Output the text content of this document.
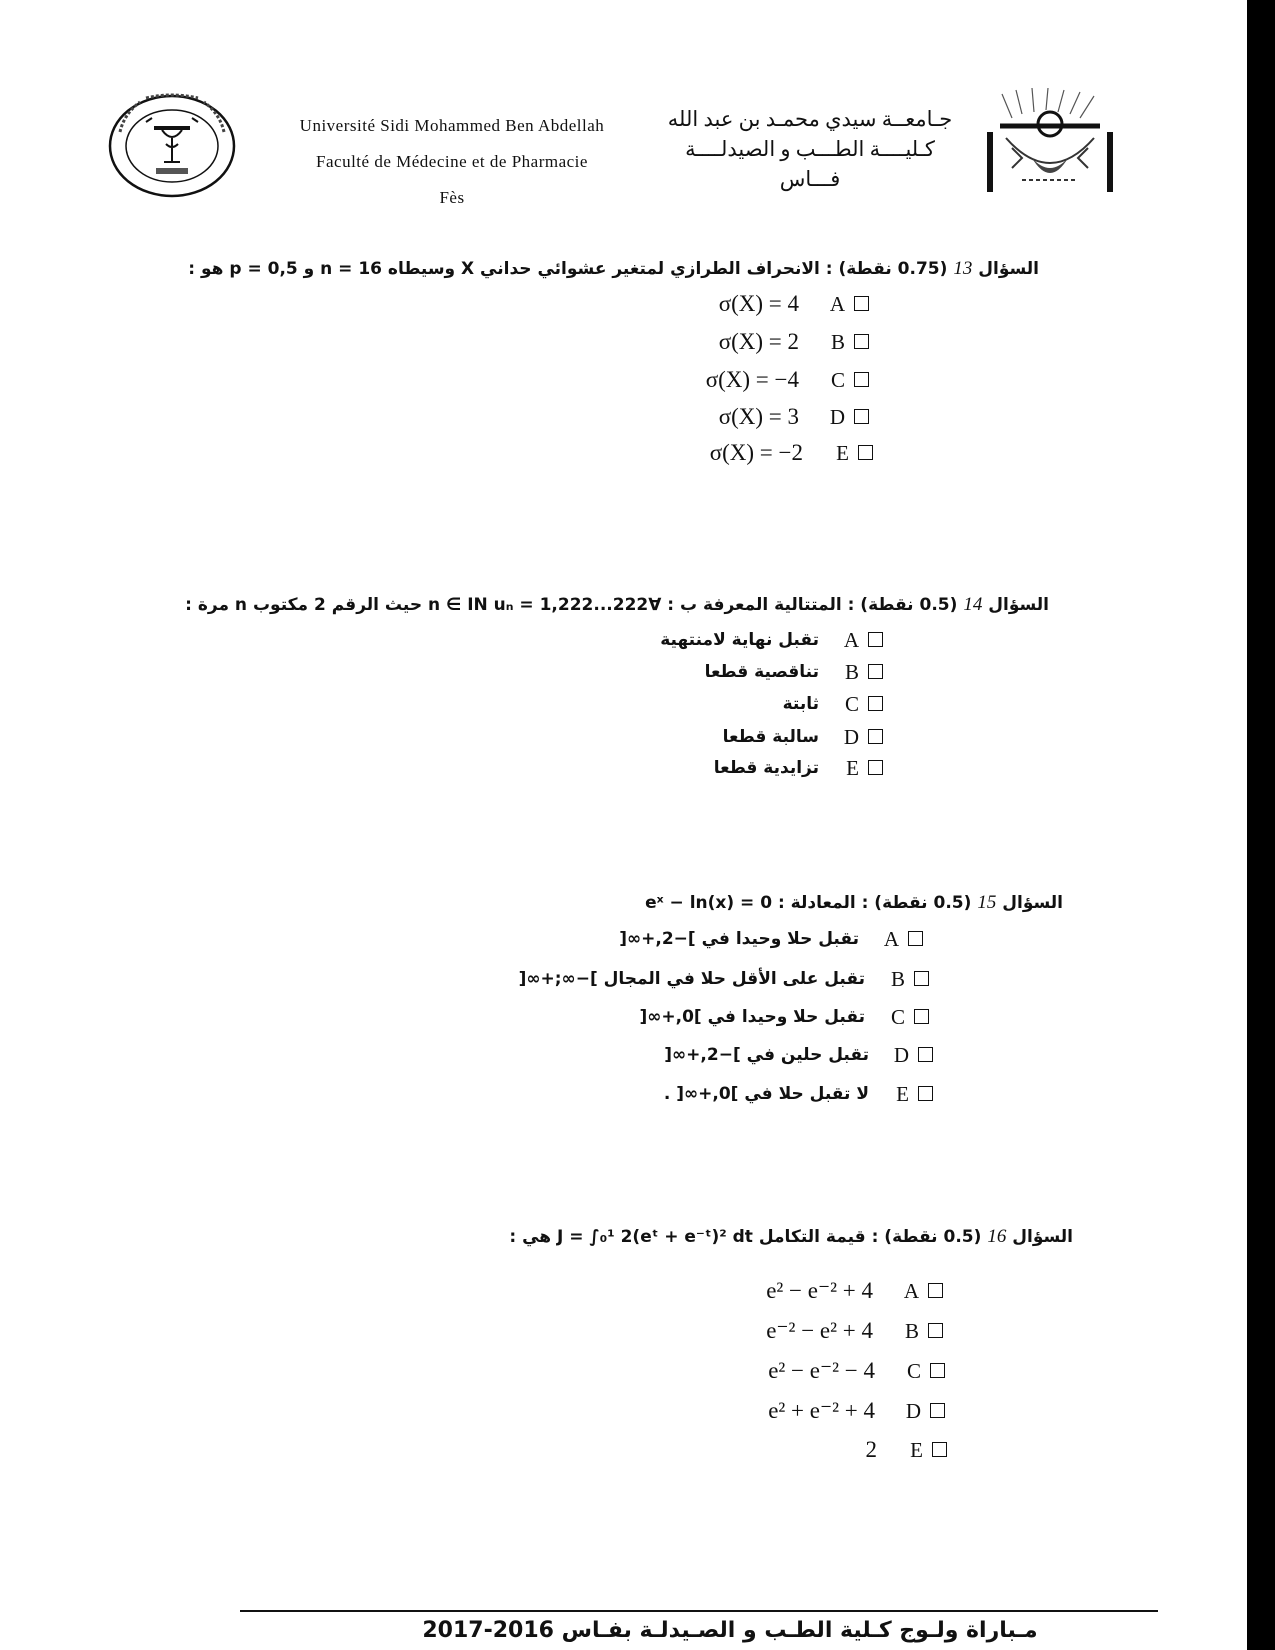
Université Sidi Mohammed Ben Abdellah
Faculté de Médecine et de Pharmacie
Fès
جـامعــة سيدي محمـد بن عبد الله
كـليــــة الطـــب و الصيدلــــة
فـــاس
السؤال 13 (0.75 نقطة) : الانحراف الطرازي لمتغير عشوائي حداني X وسيطاه n = 16 و p = 0,5 هو :
σ(X) = 4 A
σ(X) = 2 B
σ(X) = −4 C
σ(X) = 3 D
σ(X) = −2 E
السؤال 14 (0.5 نقطة) : المتتالية المعرفة ب : ∀n ∈ IN uₙ = 1,222...222 حيث الرقم 2 مكتوب n مرة :
تقبل نهاية لامنتهية A
تناقصية قطعا B
ثابتة C
سالبة قطعا D
تزايدية قطعا E
السؤال 15 (0.5 نقطة) : المعادلة : eˣ − ln(x) = 0
تقبل حلا وحيدا في ]−2,+∞[ A
تقبل على الأقل حلا في المجال ]−∞;+∞[ B
تقبل حلا وحيدا في ]0,+∞[ C
تقبل حلين في ]−2,+∞[ D
لا تقبل حلا في ]0,+∞[ . E
السؤال 16 (0.5 نقطة) : قيمة التكامل J = ∫₀¹ 2(eᵗ + e⁻ᵗ)² dt هي :
e² − e⁻² + 4 A
e⁻² − e² + 4 B
e² − e⁻² − 4 C
e² + e⁻² + 4 D
2 E
مـباراة ولـوج كـلية الطـب و الصـيدلـة بفـاس 2016-2017
